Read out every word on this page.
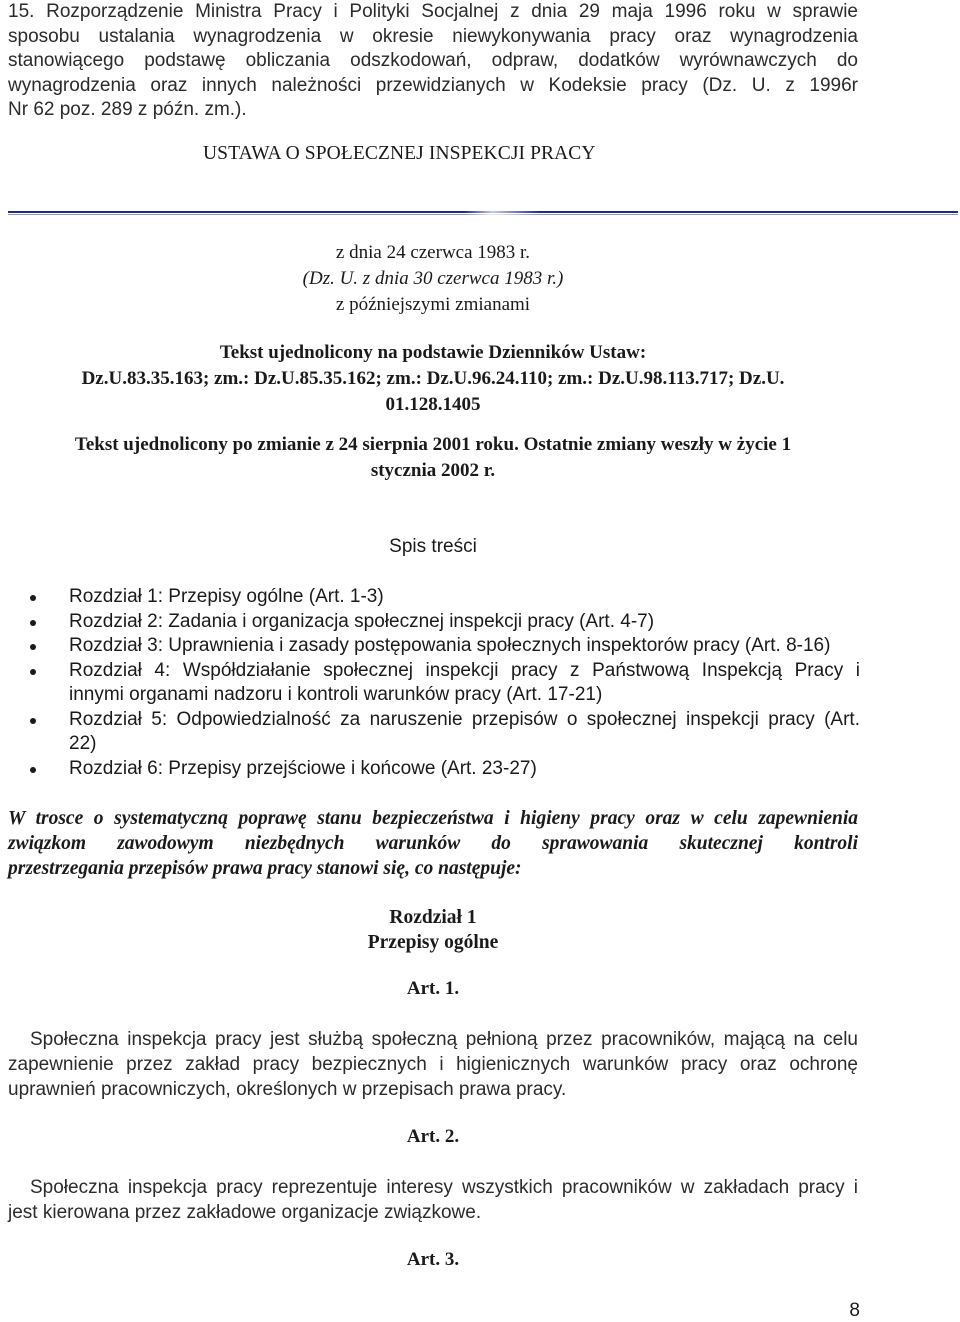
15. Rozporządzenie Ministra Pracy i Polityki Socjalnej z dnia 29 maja 1996 roku w sprawie
sposobu ustalania wynagrodzenia w okresie niewykonywania pracy oraz wynagrodzenia
stanowiącego podstawę obliczania odszkodowań, odpraw, dodatków wyrównawczych do
wynagrodzenia oraz innych należności przewidzianych w Kodeksie pracy (Dz. U. z 1996r
Nr 62 poz. 289 z późn. zm.).
USTAWA O SPOŁECZNEJ INSPEKCJI PRACY
z dnia 24 czerwca 1983 r.
(Dz. U. z dnia 30 czerwca 1983 r.)
z późniejszymi zmianami
Tekst ujednolicony na podstawie Dzienników Ustaw:
Dz.U.83.35.163; zm.: Dz.U.85.35.162; zm.: Dz.U.96.24.110; zm.: Dz.U.98.113.717; Dz.U.
01.128.1405
Tekst ujednolicony po zmianie z 24 sierpnia 2001 roku. Ostatnie zmiany weszły w życie 1
stycznia 2002 r.
Spis treści
Rozdział 1: Przepisy ogólne (Art. 1-3)
Rozdział 2: Zadania i organizacja społecznej inspekcji pracy (Art. 4-7)
Rozdział 3: Uprawnienia i zasady postępowania społecznych inspektorów pracy (Art. 8-16)
Rozdział 4: Współdziałanie społecznej inspekcji pracy z Państwową Inspekcją Pracy i
innymi organami nadzoru i kontroli warunków pracy (Art. 17-21)
Rozdział 5: Odpowiedzialność za naruszenie przepisów o społecznej inspekcji pracy (Art.
22)
Rozdział 6: Przepisy przejściowe i końcowe (Art. 23-27)
W trosce o systematyczną poprawę stanu bezpieczeństwa i higieny pracy oraz w celu zapewnienia
związkom zawodowym niezbędnych warunków do sprawowania skutecznej kontroli
przestrzegania przepisów prawa pracy stanowi się, co następuje:
Rozdział 1
Przepisy ogólne
Art. 1.
Społeczna inspekcja pracy jest służbą społeczną pełnioną przez pracowników, mającą na celu
zapewnienie przez zakład pracy bezpiecznych i higienicznych warunków pracy oraz ochronę
uprawnień pracowniczych, określonych w przepisach prawa pracy.
Art. 2.
Społeczna inspekcja pracy reprezentuje interesy wszystkich pracowników w zakładach pracy i
jest kierowana przez zakładowe organizacje związkowe.
Art. 3.
8
